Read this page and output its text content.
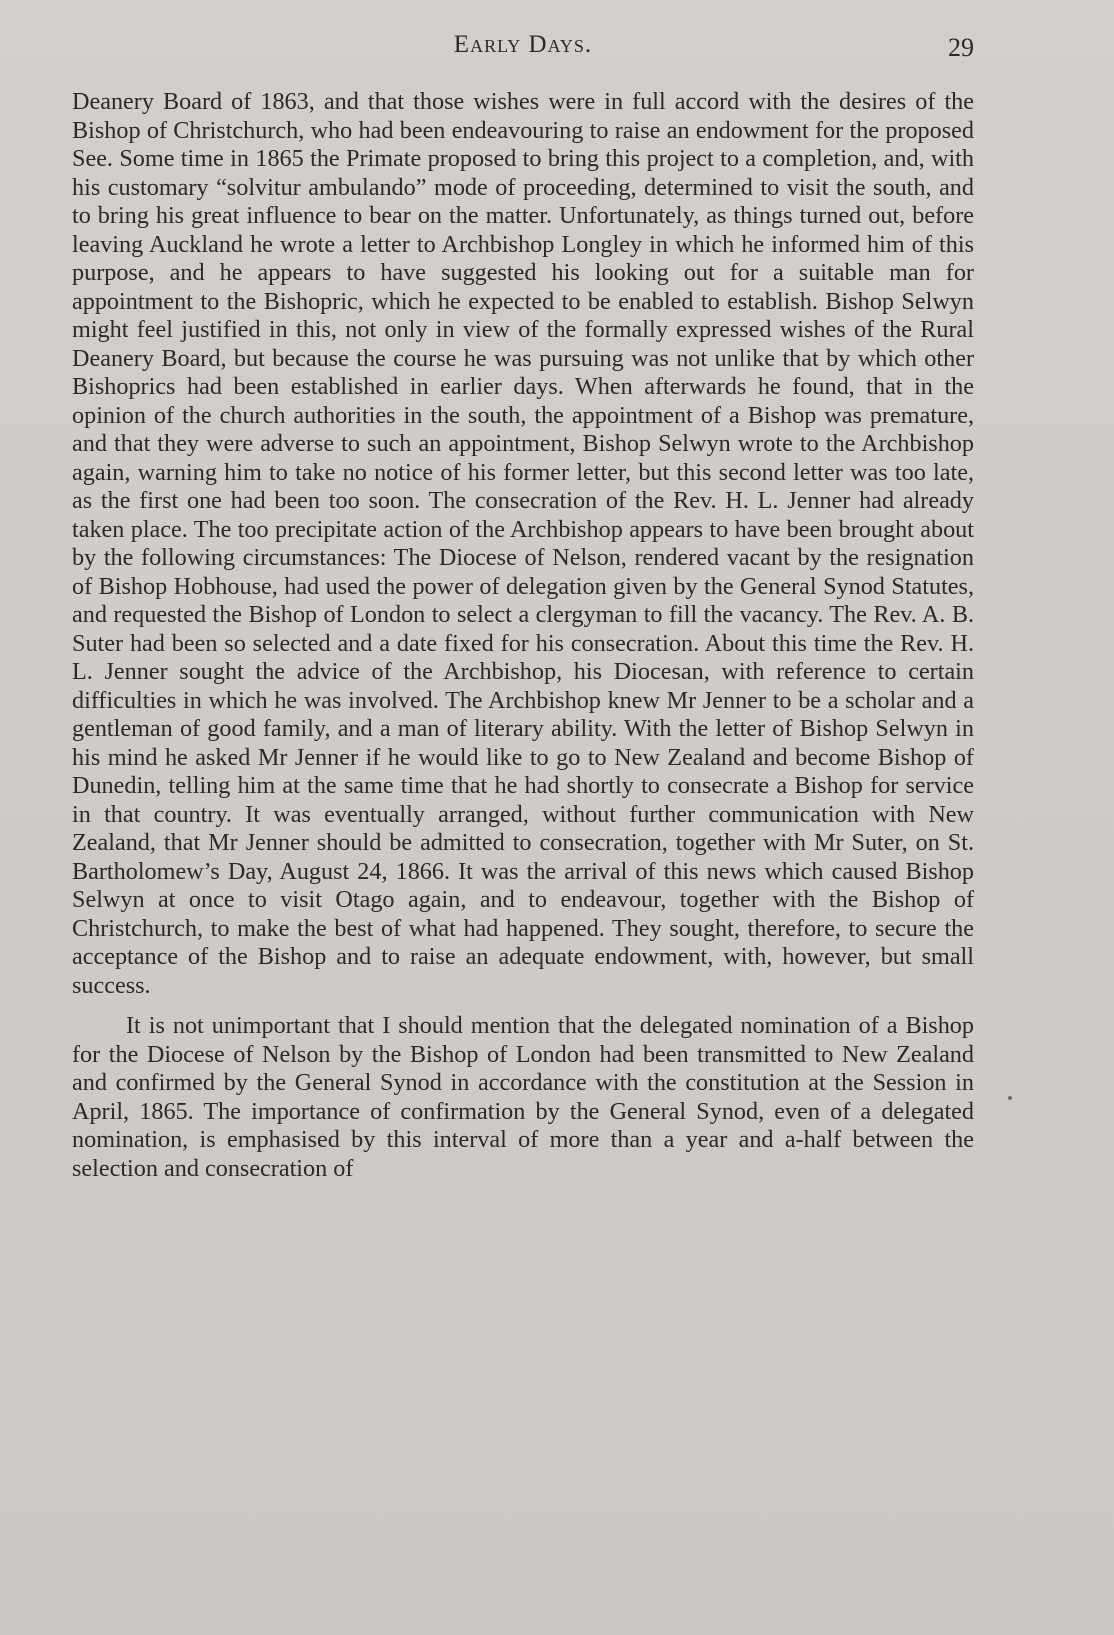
Early Days.	29

Deanery Board of 1863, and that those wishes were in full accord with the desires of the Bishop of Christchurch, who had been endeavouring to raise an endowment for the proposed See. Some time in 1865 the Primate proposed to bring this project to a completion, and, with his customary “solvitur ambulando” mode of proceeding, determined to visit the south, and to bring his great influence to bear on the matter. Unfortunately, as things turned out, before leaving Auckland he wrote a letter to Archbishop Longley in which he informed him of this purpose, and he appears to have suggested his looking out for a suitable man for appointment to the Bishopric, which he expected to be enabled to establish. Bishop Selwyn might feel justified in this, not only in view of the formally expressed wishes of the Rural Deanery Board, but because the course he was pursuing was not unlike that by which other Bishoprics had been established in earlier days. When afterwards he found, that in the opinion of the church authorities in the south, the appointment of a Bishop was premature, and that they were adverse to such an appointment, Bishop Selwyn wrote to the Archbishop again, warning him to take no notice of his former letter, but this second letter was too late, as the first one had been too soon. The consecration of the Rev. H. L. Jenner had already taken place. The too precipitate action of the Archbishop appears to have been brought about by the following circumstances: The Diocese of Nelson, rendered vacant by the resignation of Bishop Hobhouse, had used the power of delegation given by the General Synod Statutes, and requested the Bishop of London to select a clergyman to fill the vacancy. The Rev. A. B. Suter had been so selected and a date fixed for his consecration. About this time the Rev. H. L. Jenner sought the advice of the Archbishop, his Diocesan, with reference to certain difficulties in which he was involved. The Archbishop knew Mr Jenner to be a scholar and a gentleman of good family, and a man of literary ability. With the letter of Bishop Selwyn in his mind he asked Mr Jenner if he would like to go to New Zealand and become Bishop of Dunedin, telling him at the same time that he had shortly to consecrate a Bishop for service in that country. It was eventually arranged, without further communication with New Zealand, that Mr Jenner should be admitted to consecration, together with Mr Suter, on St. Bartholomew’s Day, August 24, 1866. It was the arrival of this news which caused Bishop Selwyn at once to visit Otago again, and to endeavour, together with the Bishop of Christchurch, to make the best of what had happened. They sought, therefore, to secure the acceptance of the Bishop and to raise an adequate endowment, with, however, but small success.

It is not unimportant that I should mention that the delegated nomination of a Bishop for the Diocese of Nelson by the Bishop of London had been transmitted to New Zealand and confirmed by the General Synod in accordance with the constitution at the Session in April, 1865. The importance of confirmation by the General Synod, even of a delegated nomination, is emphasised by this interval of more than a year and a-half between the selection and consecration of
